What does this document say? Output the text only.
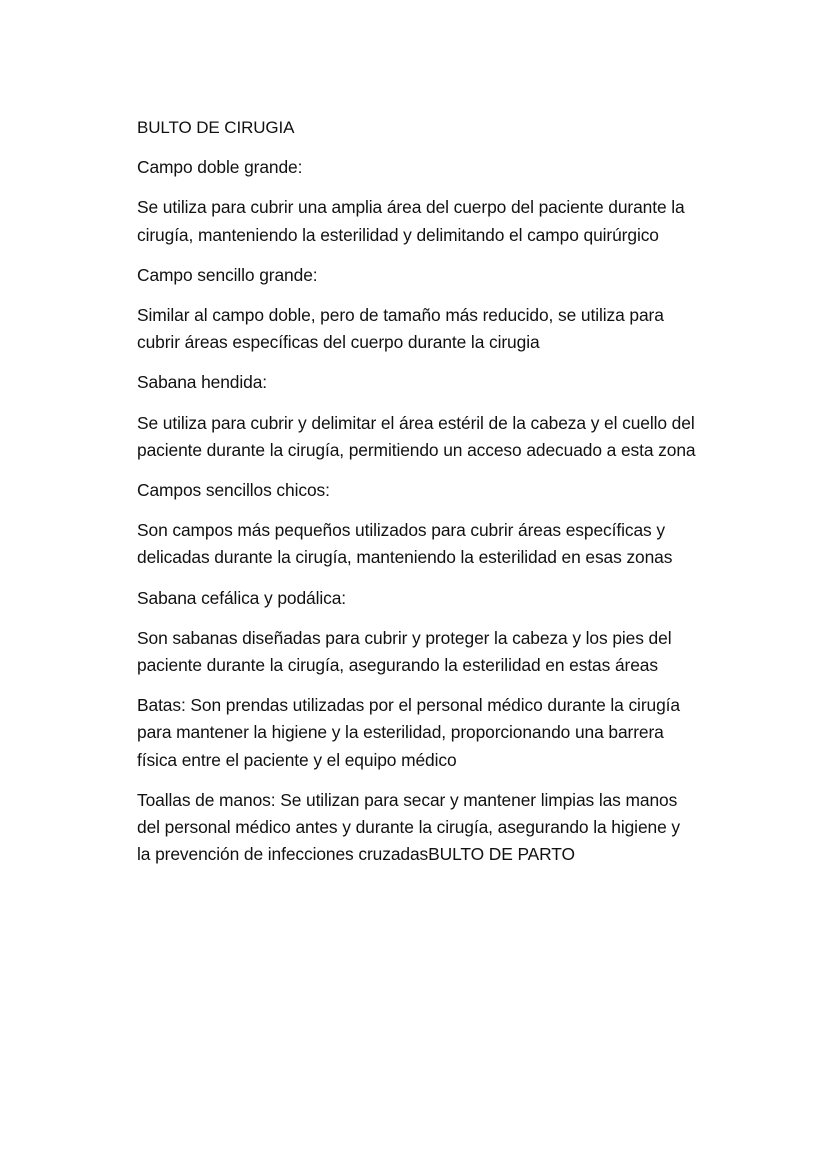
BULTO DE CIRUGIA

Campo doble grande:

Se utiliza para cubrir una amplia área del cuerpo del paciente durante la cirugía, manteniendo la esterilidad y delimitando el campo quirúrgico

Campo sencillo grande:

Similar al campo doble, pero de tamaño más reducido, se utiliza para cubrir áreas específicas del cuerpo durante la cirugia

Sabana hendida:

Se utiliza para cubrir y delimitar el área estéril de la cabeza y el cuello del paciente durante la cirugía, permitiendo un acceso adecuado a esta zona

Campos sencillos chicos:

Son campos más pequeños utilizados para cubrir áreas específicas y delicadas durante la cirugía, manteniendo la esterilidad en esas zonas

Sabana cefálica y podálica:

Son sabanas diseñadas para cubrir y proteger la cabeza y los pies del paciente durante la cirugía, asegurando la esterilidad en estas áreas

Batas: Son prendas utilizadas por el personal médico durante la cirugía para mantener la higiene y la esterilidad, proporcionando una barrera física entre el paciente y el equipo médico

Toallas de manos: Se utilizan para secar y mantener limpias las manos del personal médico antes y durante la cirugía, asegurando la higiene y la prevención de infecciones cruzadasBULTO DE PARTO
